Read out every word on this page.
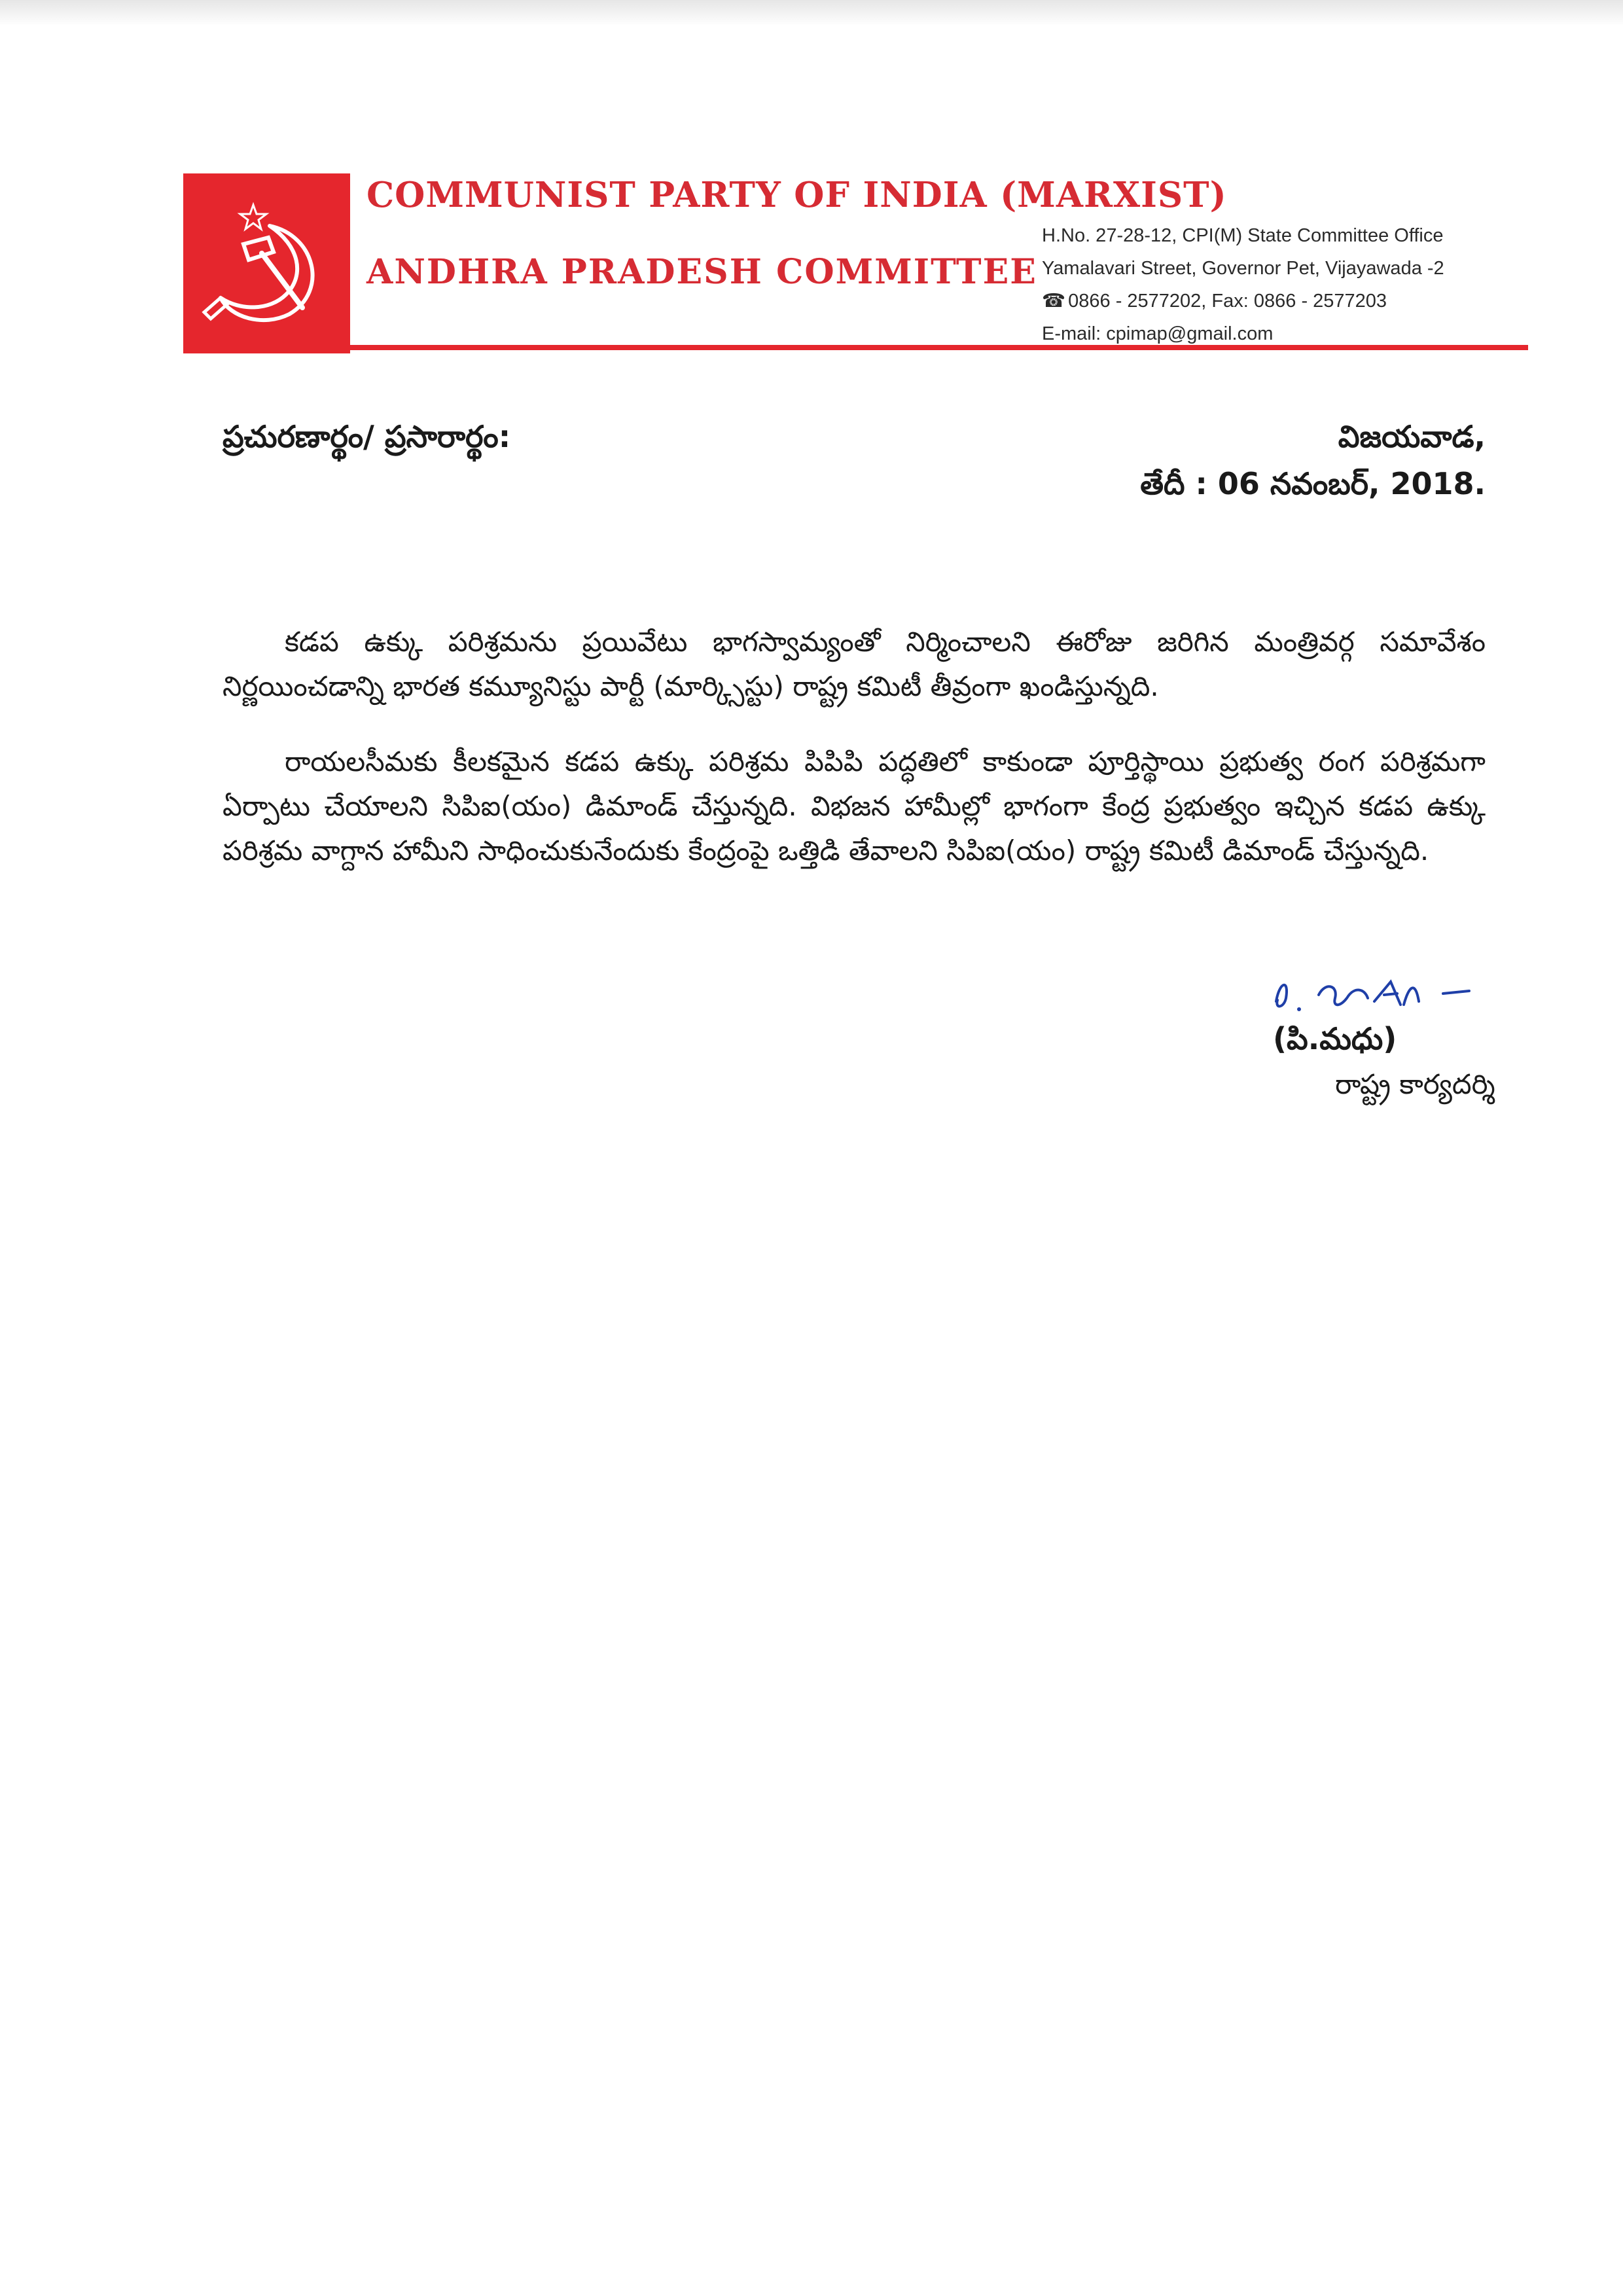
COMMUNIST PARTY OF INDIA (MARXIST)
ANDHRA PRADESH COMMITTEE
H.No. 27-28-12, CPI(M) State Committee Office
Yamalavari Street, Governor Pet, Vijayawada -2
☎ 0866 - 2577202, Fax: 0866 - 2577203
E-mail: cpimap@gmail.com
ప్రచురణార్థం/ ప్రసారార్థం:	విజయవాడ,
తేదీ : 06 నవంబర్, 2018.

కడప ఉక్కు పరిశ్రమను ప్రయివేటు భాగస్వామ్యంతో నిర్మించాలని ఈరోజు జరిగిన మంత్రివర్గ సమావేశం నిర్ణయించడాన్ని భారత కమ్యూనిస్టు పార్టీ (మార్క్సిస్టు) రాష్ట్ర కమిటీ తీవ్రంగా ఖండిస్తున్నది.

రాయలసీమకు కీలకమైన కడప ఉక్కు పరిశ్రమ పిపిపి పద్ధతిలో కాకుండా పూర్తిస్థాయి ప్రభుత్వ రంగ పరిశ్రమగా ఏర్పాటు చేయాలని సిపిఐ(యం) డిమాండ్ చేస్తున్నది. విభజన హామీల్లో భాగంగా కేంద్ర ప్రభుత్వం ఇచ్చిన కడప ఉక్కు పరిశ్రమ వాగ్దాన హామీని సాధించుకునేందుకు కేంద్రంపై ఒత్తిడి తేవాలని సిపిఐ(యం) రాష్ట్ర కమిటీ డిమాండ్ చేస్తున్నది.

(పి.మధు)
రాష్ట్ర కార్యదర్శి
